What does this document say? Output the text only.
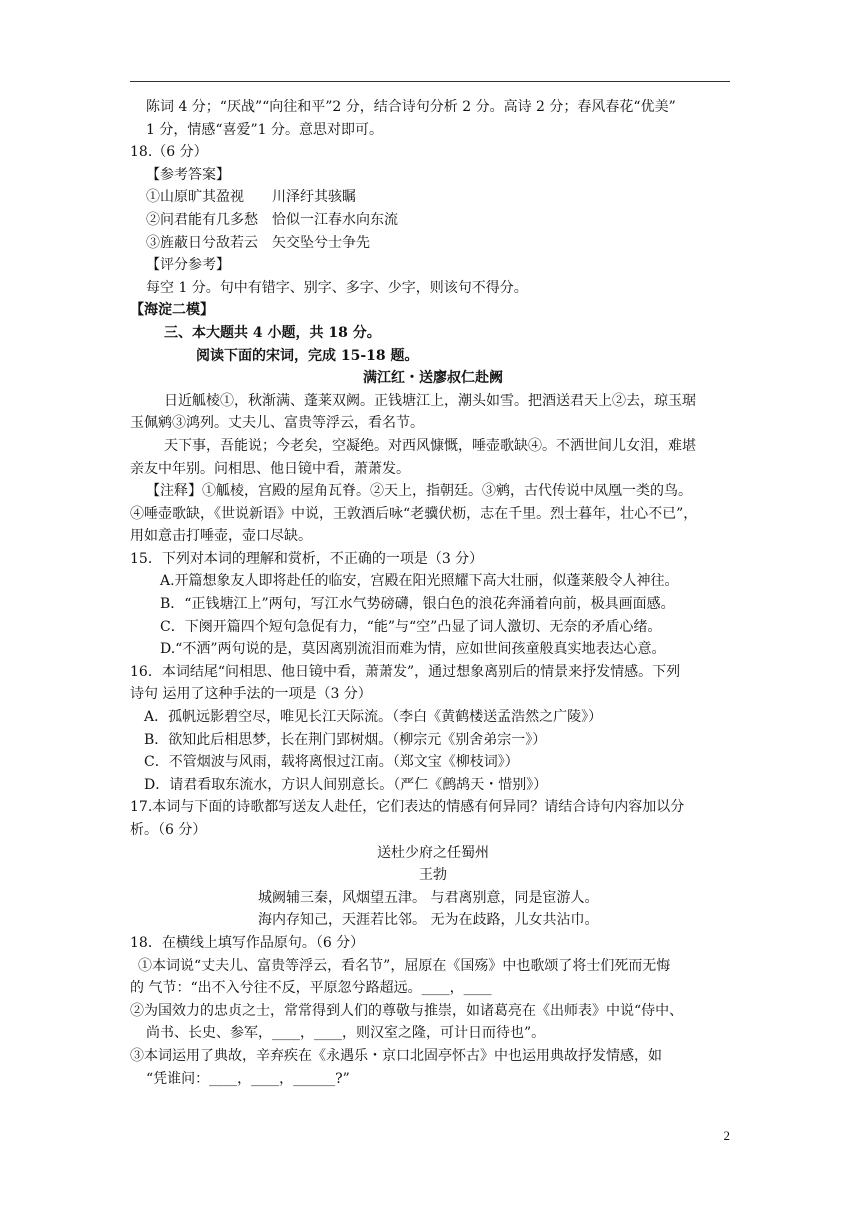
陈词 4 分；“厌战”“向往和平”2 分，结合诗句分析 2 分。高诗 2 分；春风春花“优美”
1 分，情感“喜爱”1 分。意思对即可。
18.（6 分）
【参考答案】
①山原旷其盈视　　川泽纡其骇瞩
②问君能有几多愁　恰似一江春水向东流
③旌蔽日兮敌若云　矢交坠兮士争先
【评分参考】
每空 1 分。句中有错字、别字、多字、少字，则该句不得分。
【海淀二模】
三、本大题共 4 小题，共 18 分。
阅读下面的宋词，完成 15-18 题。
满江红・送廖叔仁赴阙
日近觚棱①，秋渐满、蓬莱双阙。正钱塘江上，潮头如雪。把酒送君天上②去，琼玉琚
玉佩鹓③鸿列。丈夫儿、富贵等浮云，看名节。
天下事，吾能说；今老矣，空凝绝。对西风慷慨，唾壶歌缺④。不洒世间儿女泪，难堪
亲友中年别。问相思、他日镜中看，萧萧发。
【注释】①觚棱，宫殿的屋角瓦脊。②天上，指朝廷。③鹓，古代传说中凤凰一类的鸟。
④唾壶歌缺，《世说新语》中说，王敦酒后咏“老骥伏枥，志在千里。烈士暮年，壮心不已”，
用如意击打唾壶，壶口尽缺。
15．下列对本词的理解和赏析，不正确的一项是（3 分）
A.开篇想象友人即将赴任的临安，宫殿在阳光照耀下高大壮丽，似蓬莱般令人神往。
B．“正钱塘江上”两句，写江水气势磅礴，银白色的浪花奔涌着向前，极具画面感。
C．下阕开篇四个短句急促有力，“能”与“空”凸显了词人激切、无奈的矛盾心绪。
D.“不洒”两句说的是，莫因离别流泪而难为情，应如世间孩童般真实地表达心意。
16．本词结尾“问相思、他日镜中看，萧萧发”，通过想象离别后的情景来抒发情感。下列
诗句 运用了这种手法的一项是（3 分）
A．孤帆远影碧空尽，唯见长江天际流。（李白《黄鹤楼送孟浩然之广陵》）
B．欲知此后相思梦，长在荆门郢树烟。（柳宗元《别舍弟宗一》）
C．不管烟波与风雨，载将离恨过江南。（郑文宝《柳枝词》）
D．请君看取东流水，方识人间别意长。（严仁《鹧鸪天・惜别》）
17.本词与下面的诗歌都写送友人赴任，它们表达的情感有何异同？请结合诗句内容加以分
析。（6 分）
送杜少府之任蜀州
王勃
城阙辅三秦，风烟望五津。 与君离别意，同是宦游人。
海内存知己，天涯若比邻。 无为在歧路，儿女共沾巾。
18．在横线上填写作品原句。（6 分）
①本词说“丈夫儿、富贵等浮云，看名节”，屈原在《国殇》中也歌颂了将士们死而无悔
的 气节：“出不入兮往不反，平原忽兮路超远。____，____
②为国效力的忠贞之士，常常得到人们的尊敬与推崇，如诸葛亮在《出师表》中说“侍中、
尚书、长史、参军，____，____，则汉室之隆，可计日而待也”。
③本词运用了典故，辛弃疾在《永遇乐・京口北固亭怀古》中也运用典故抒发情感，如
“凭谁问：____，____，______?”
2
